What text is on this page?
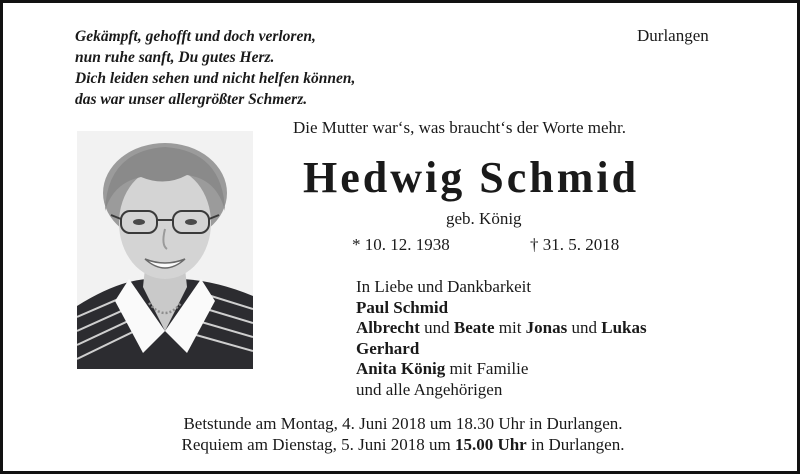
Gekämpft, gehofft und doch verloren,
nun ruhe sanft, Du gutes Herz.
Dich leiden sehen und nicht helfen können,
das war unser allergrößter Schmerz.
Durlangen
Die Mutter war‘s, was braucht‘s der Worte mehr.
Hedwig Schmid
geb. König
* 10. 12. 1938	† 31. 5. 2018
In Liebe und Dankbarkeit
Paul Schmid
Albrecht und Beate mit Jonas und Lukas
Gerhard
Anita König mit Familie
und alle Angehörigen
Betstunde am Montag, 4. Juni 2018 um 18.30 Uhr in Durlangen.
Requiem am Dienstag, 5. Juni 2018 um 15.00 Uhr in Durlangen.
